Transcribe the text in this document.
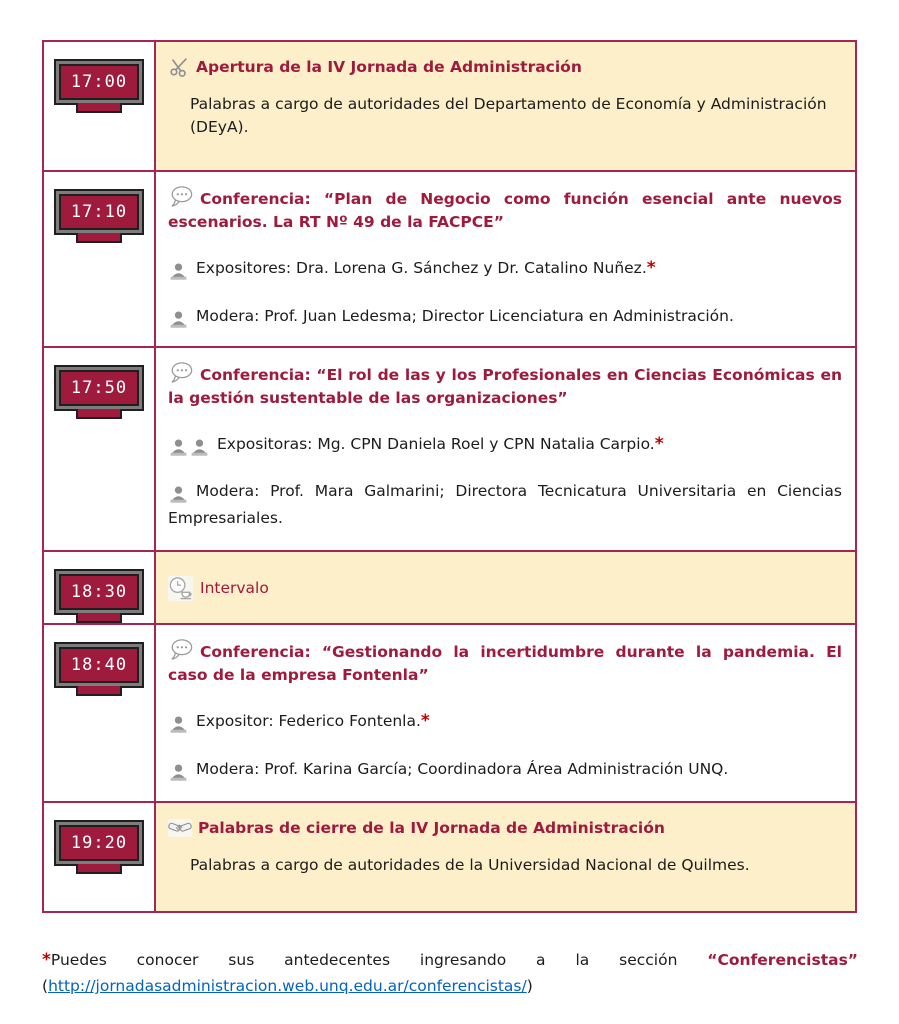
17:00
Apertura de la IV Jornada de Administración
Palabras a cargo de autoridades del Departamento de Economía y Administración (DEyA).
17:10
Conferencia: “Plan de Negocio como función esencial ante nuevos escenarios. La RT Nº 49 de la FACPCE”
Expositores: Dra. Lorena G. Sánchez y Dr. Catalino Nuñez.*
Modera: Prof. Juan Ledesma; Director Licenciatura en Administración.
17:50
Conferencia: “El rol de las y los Profesionales en Ciencias Económicas en la gestión sustentable de las organizaciones”
Expositoras: Mg. CPN Daniela Roel y CPN Natalia Carpio.*
Modera: Prof. Mara Galmarini; Directora Tecnicatura Universitaria en Ciencias Empresariales.
18:30	Intervalo
18:40
Conferencia: “Gestionando la incertidumbre durante la pandemia. El caso de la empresa Fontenla”
Expositor: Federico Fontenla.*
Modera: Prof. Karina García; Coordinadora Área Administración UNQ.
19:20
Palabras de cierre de la IV Jornada de Administración
Palabras a cargo de autoridades de la Universidad Nacional de Quilmes.
*Puedes conocer sus antedecentes ingresando a la sección “Conferencistas” (http://jornadasadministracion.web.unq.edu.ar/conferencistas/)
